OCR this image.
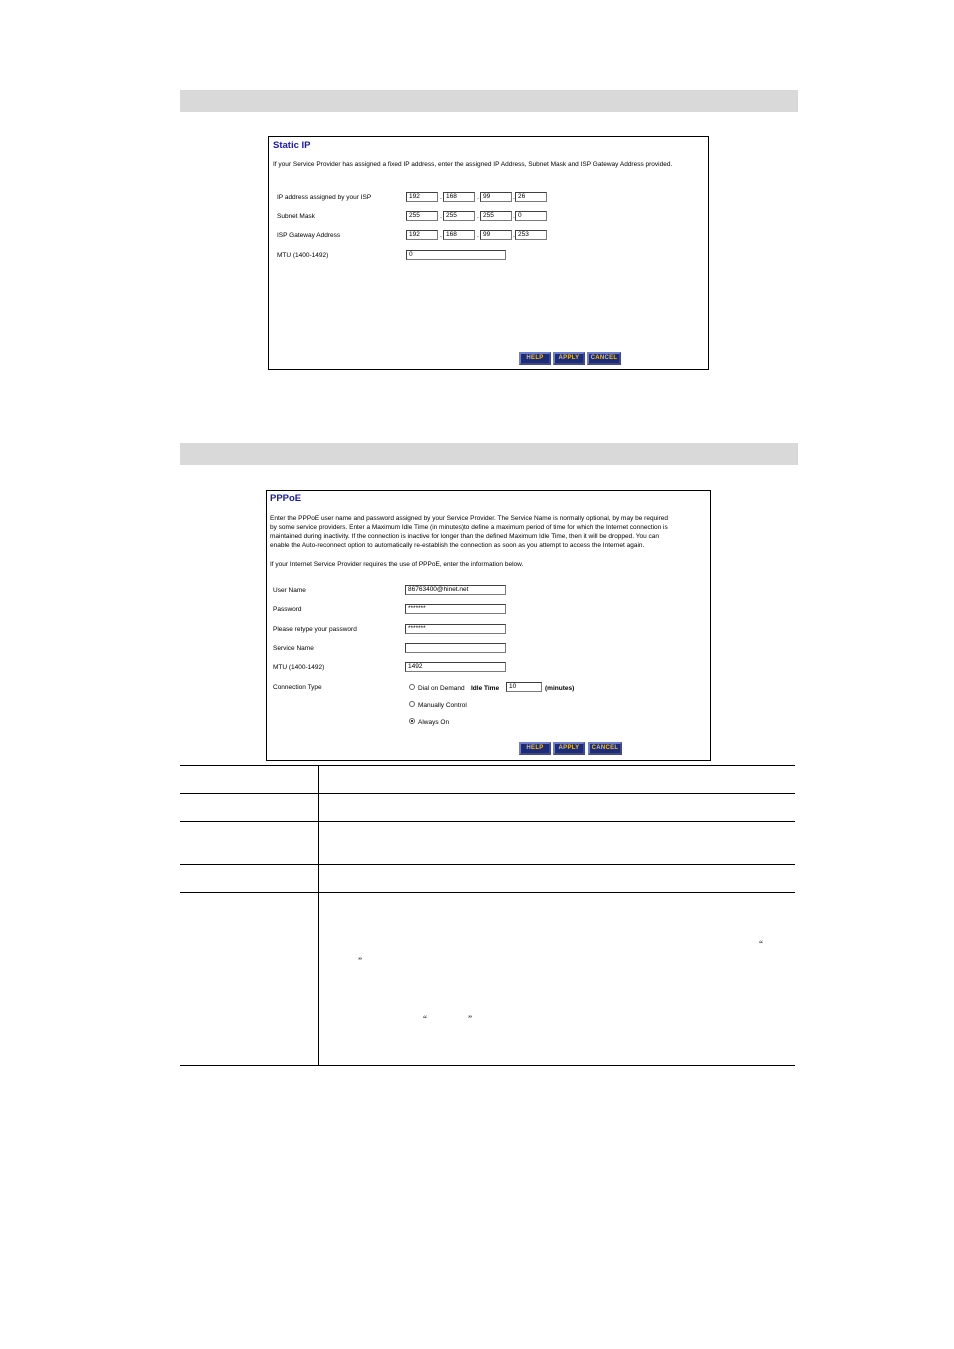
Static IP
If your Service Provider has assigned a fixed IP address, enter the assigned IP Address, Subnet Mask and ISP Gateway Address provided.
IP address assigned by your ISP	192	. 168	. 99	. 26
Subnet Mask	255	. 255	. 255	. 0
ISP Gateway Address	192	. 168	. 99	. 253
MTU (1400-1492)	0
HELP	APPLY	CANCEL
PPPoE
Enter the PPPoE user name and password assigned by your Service Provider. The Service Name is normally optional, by may be required
by some service providers. Enter a Maximum Idle Time (in minutes)to define a maximum period of time for which the Internet connection is
maintained during inactivity. If the connection is inactive for longer than the defined Maximum Idle Time, then it will be dropped. You can
enable the Auto-reconnect option to automatically re-establish the connection as soon as you attempt to access the Internet again.
If your Internet Service Provider requires the use of PPPoE, enter the information below.
User Name	86763400@hinet.net
Password	*******
Please retype your password	*******
Service Name
MTU (1400-1492)	1492
Connection Type	Dial on Demand Idle Time	10	(minutes)
Manually Control
Always On
HELP	APPLY	CANCEL
“
”
“	”
